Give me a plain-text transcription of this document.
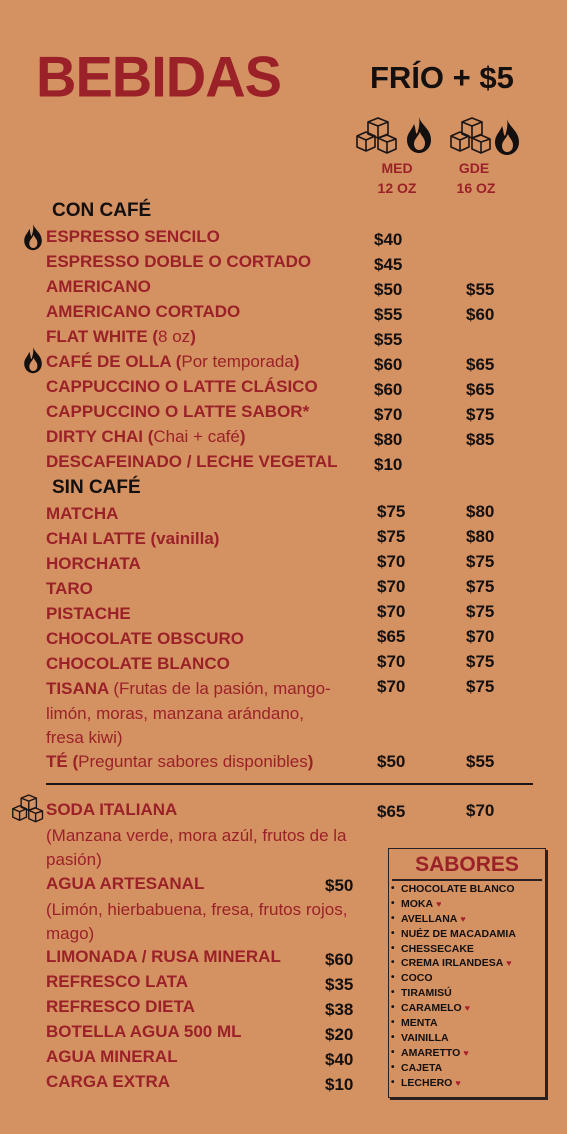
BEBIDAS	FRÍO + $5
MED
12 OZ
GDE
16 OZ
CON CAFÉ
ESPRESSO SENCILO	$40
ESPRESSO DOBLE O CORTADO	$45
AMERICANO	$50	$55
AMERICANO CORTADO	$55	$60
FLAT WHITE (8 oz)	$55
CAFÉ DE OLLA (Por temporada)	$60	$65
CAPPUCCINO O LATTE CLÁSICO	$60	$65
CAPPUCCINO O LATTE SABOR*	$70	$75
DIRTY CHAI (Chai + café)	$80	$85
DESCAFEINADO / LECHE VEGETAL $10
SIN CAFÉ
MATCHA	$75	$80
CHAI LATTE (vainilla)	$75	$80
HORCHATA	$70	$75
TARO	$70	$75
PISTACHE	$70	$75
CHOCOLATE OBSCURO	$65	$70
CHOCOLATE BLANCO	$70	$75
TISANA (Frutas de la pasión, mango-	$70	$75
limón, moras, manzana arándano,
fresa kiwi)
TÉ (Preguntar sabores disponibles)	$50	$55
SODA ITALIANA	$65	$70
(Manzana verde, mora azúl, frutos de la
pasión)
AGUA ARTESANAL	$50
(Limón, hierbabuena, fresa, frutos rojos,
mago)
LIMONADA / RUSA MINERAL	$60
REFRESCO LATA	$35
REFRESCO DIETA	$38
BOTELLA AGUA 500 ML	$20
AGUA MINERAL	$40
CARGA EXTRA	$10
SABORES
• CHOCOLATE BLANCO
• MOKA ♥
• AVELLANA ♥
• NUÉZ DE MACADAMIA
• CHESSECAKE
• CREMA IRLANDESA ♥
• COCO
• TIRAMISÚ
• CARAMELO ♥
• MENTA
• VAINILLA
• AMARETTO ♥
• CAJETA
• LECHERO ♥
